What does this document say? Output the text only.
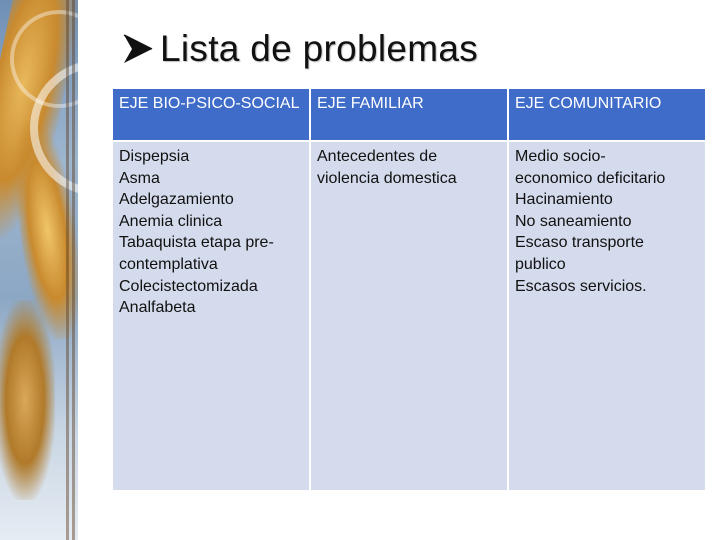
Lista de problemas
EJE BIO-PSICO-SOCIAL EJE FAMILIAR	EJE COMUNITARIO
Dispepsia
Asma
Adelgazamiento
Anemia clinica
Tabaquista etapa pre-
contemplativa
Colecistectomizada
Analfabeta
Antecedentes de
violencia domestica
Medio socio-
economico deficitario
Hacinamiento
No saneamiento
Escaso transporte
publico
Escasos servicios.
